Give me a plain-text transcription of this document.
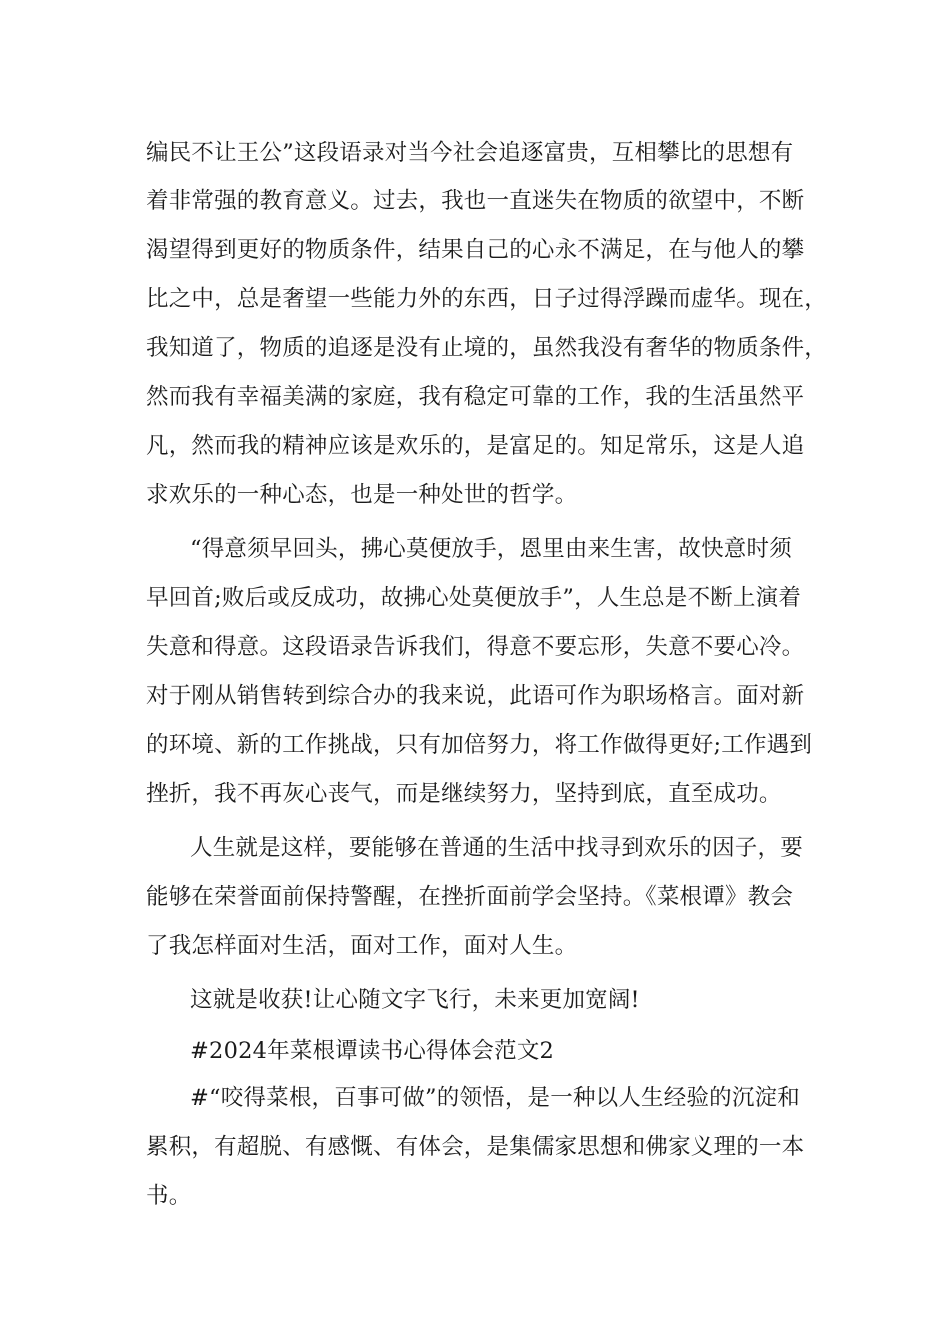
编民不让王公”这段语录对当今社会追逐富贵，互相攀比的思想有
着非常强的教育意义。过去，我也一直迷失在物质的欲望中，不断
渴望得到更好的物质条件，结果自己的心永不满足，在与他人的攀
比之中，总是奢望一些能力外的东西，日子过得浮躁而虚华。现在，
我知道了，物质的追逐是没有止境的，虽然我没有奢华的物质条件，
然而我有幸福美满的家庭，我有稳定可靠的工作，我的生活虽然平
凡，然而我的精神应该是欢乐的，是富足的。知足常乐，这是人追
求欢乐的一种心态，也是一种处世的哲学。
“得意须早回头，拂心莫便放手，恩里由来生害，故快意时须
早回首;败后或反成功，故拂心处莫便放手”，人生总是不断上演着
失意和得意。这段语录告诉我们，得意不要忘形，失意不要心冷。
对于刚从销售转到综合办的我来说，此语可作为职场格言。面对新
的环境、新的工作挑战，只有加倍努力，将工作做得更好;工作遇到
挫折，我不再灰心丧气，而是继续努力，坚持到底，直至成功。
人生就是这样，要能够在普通的生活中找寻到欢乐的因子，要
能够在荣誉面前保持警醒，在挫折面前学会坚持。《菜根谭》教会
了我怎样面对生活，面对工作，面对人生。
这就是收获!让心随文字飞行，未来更加宽阔!
#2024年菜根谭读书心得体会范文2
#“咬得菜根，百事可做”的领悟，是一种以人生经验的沉淀和
累积，有超脱、有感慨、有体会，是集儒家思想和佛家义理的一本
书。
